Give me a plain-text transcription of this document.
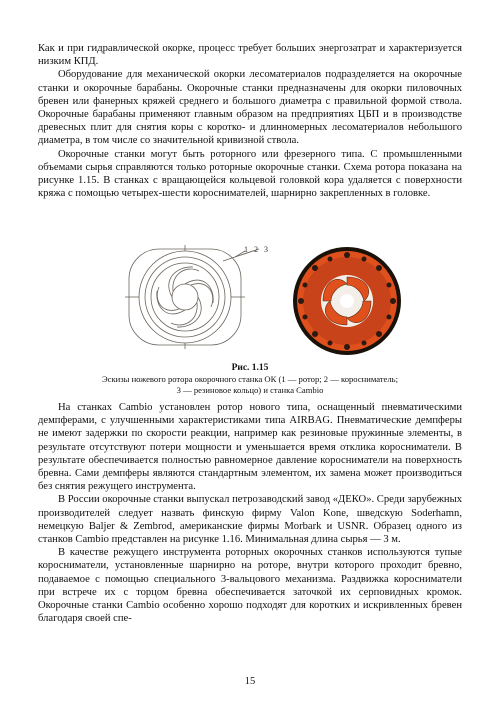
Как и при гидравлической окорке, процесс требует больших энергозатрат и характеризуется низким КПД.

Оборудование для механической окорки лесоматериалов подразделяется на окорочные станки и окорочные барабаны. Окорочные станки предназначены для окорки пиловочных бревен или фанерных кряжей среднего и большого диаметра с правильной формой ствола. Окорочные барабаны применяют главным образом на предприятиях ЦБП и в производстве древесных плит для снятия коры с коротко- и длинномерных лесоматериалов небольшого диаметра, в том числе со значительной кривизной ствола.

Окорочные станки могут быть роторного или фрезерного типа. С промышленными объемами сырья справляются только роторные окорочные станки. Схема ротора показана на рисунке 1.15. В станках с вращающейся кольцевой головкой кора удаляется с поверхности кряжа с помощью четырех-шести короснимателей, шарнирно закрепленных в головке.

1 2 3
Рис. 1.15
Эскизы ножевого ротора окорочного станка ОК (1 — ротор; 2 — коросниматель;
3 — резиновое кольцо) и станка Cambio

На станках Cambio установлен ротор нового типа, оснащенный пневматическими демпферами, с улучшенными характеристиками типа AIRBAG. Пневматические демпферы не имеют задержки по скорости реакции, например как резиновые пружинные элементы, в результате отсутствуют потери мощности и уменьшается время отклика коросниматели. В результате обеспечивается полностью равномерное давление коросниматели на поверхность бревна. Сами демпферы являются стандартным элементом, их замена может производиться без снятия режущего инструмента.

В России окорочные станки выпускал петрозаводский завод «ДЕКО». Среди зарубежных производителей следует назвать финскую фирму Valon Kone, шведскую Soderhamn, немецкую Baljer & Zembrod, американские фирмы Morbark и USNR. Образец одного из станков Cambio представлен на рисунке 1.16. Минимальная длина сырья — 3 м.

В качестве режущего инструмента роторных окорочных станков используются тупые коросниматели, установленные шарнирно на роторе, внутри которого проходит бревно, подаваемое с помощью специального 3-вальцового механизма. Раздвижка коросниматели при встрече их с торцом бревна обеспечивается заточкой их серповидных кромок. Окорочные станки Cambio особенно хорошо подходят для коротких и искривленных бревен благодаря своей спе-

15
